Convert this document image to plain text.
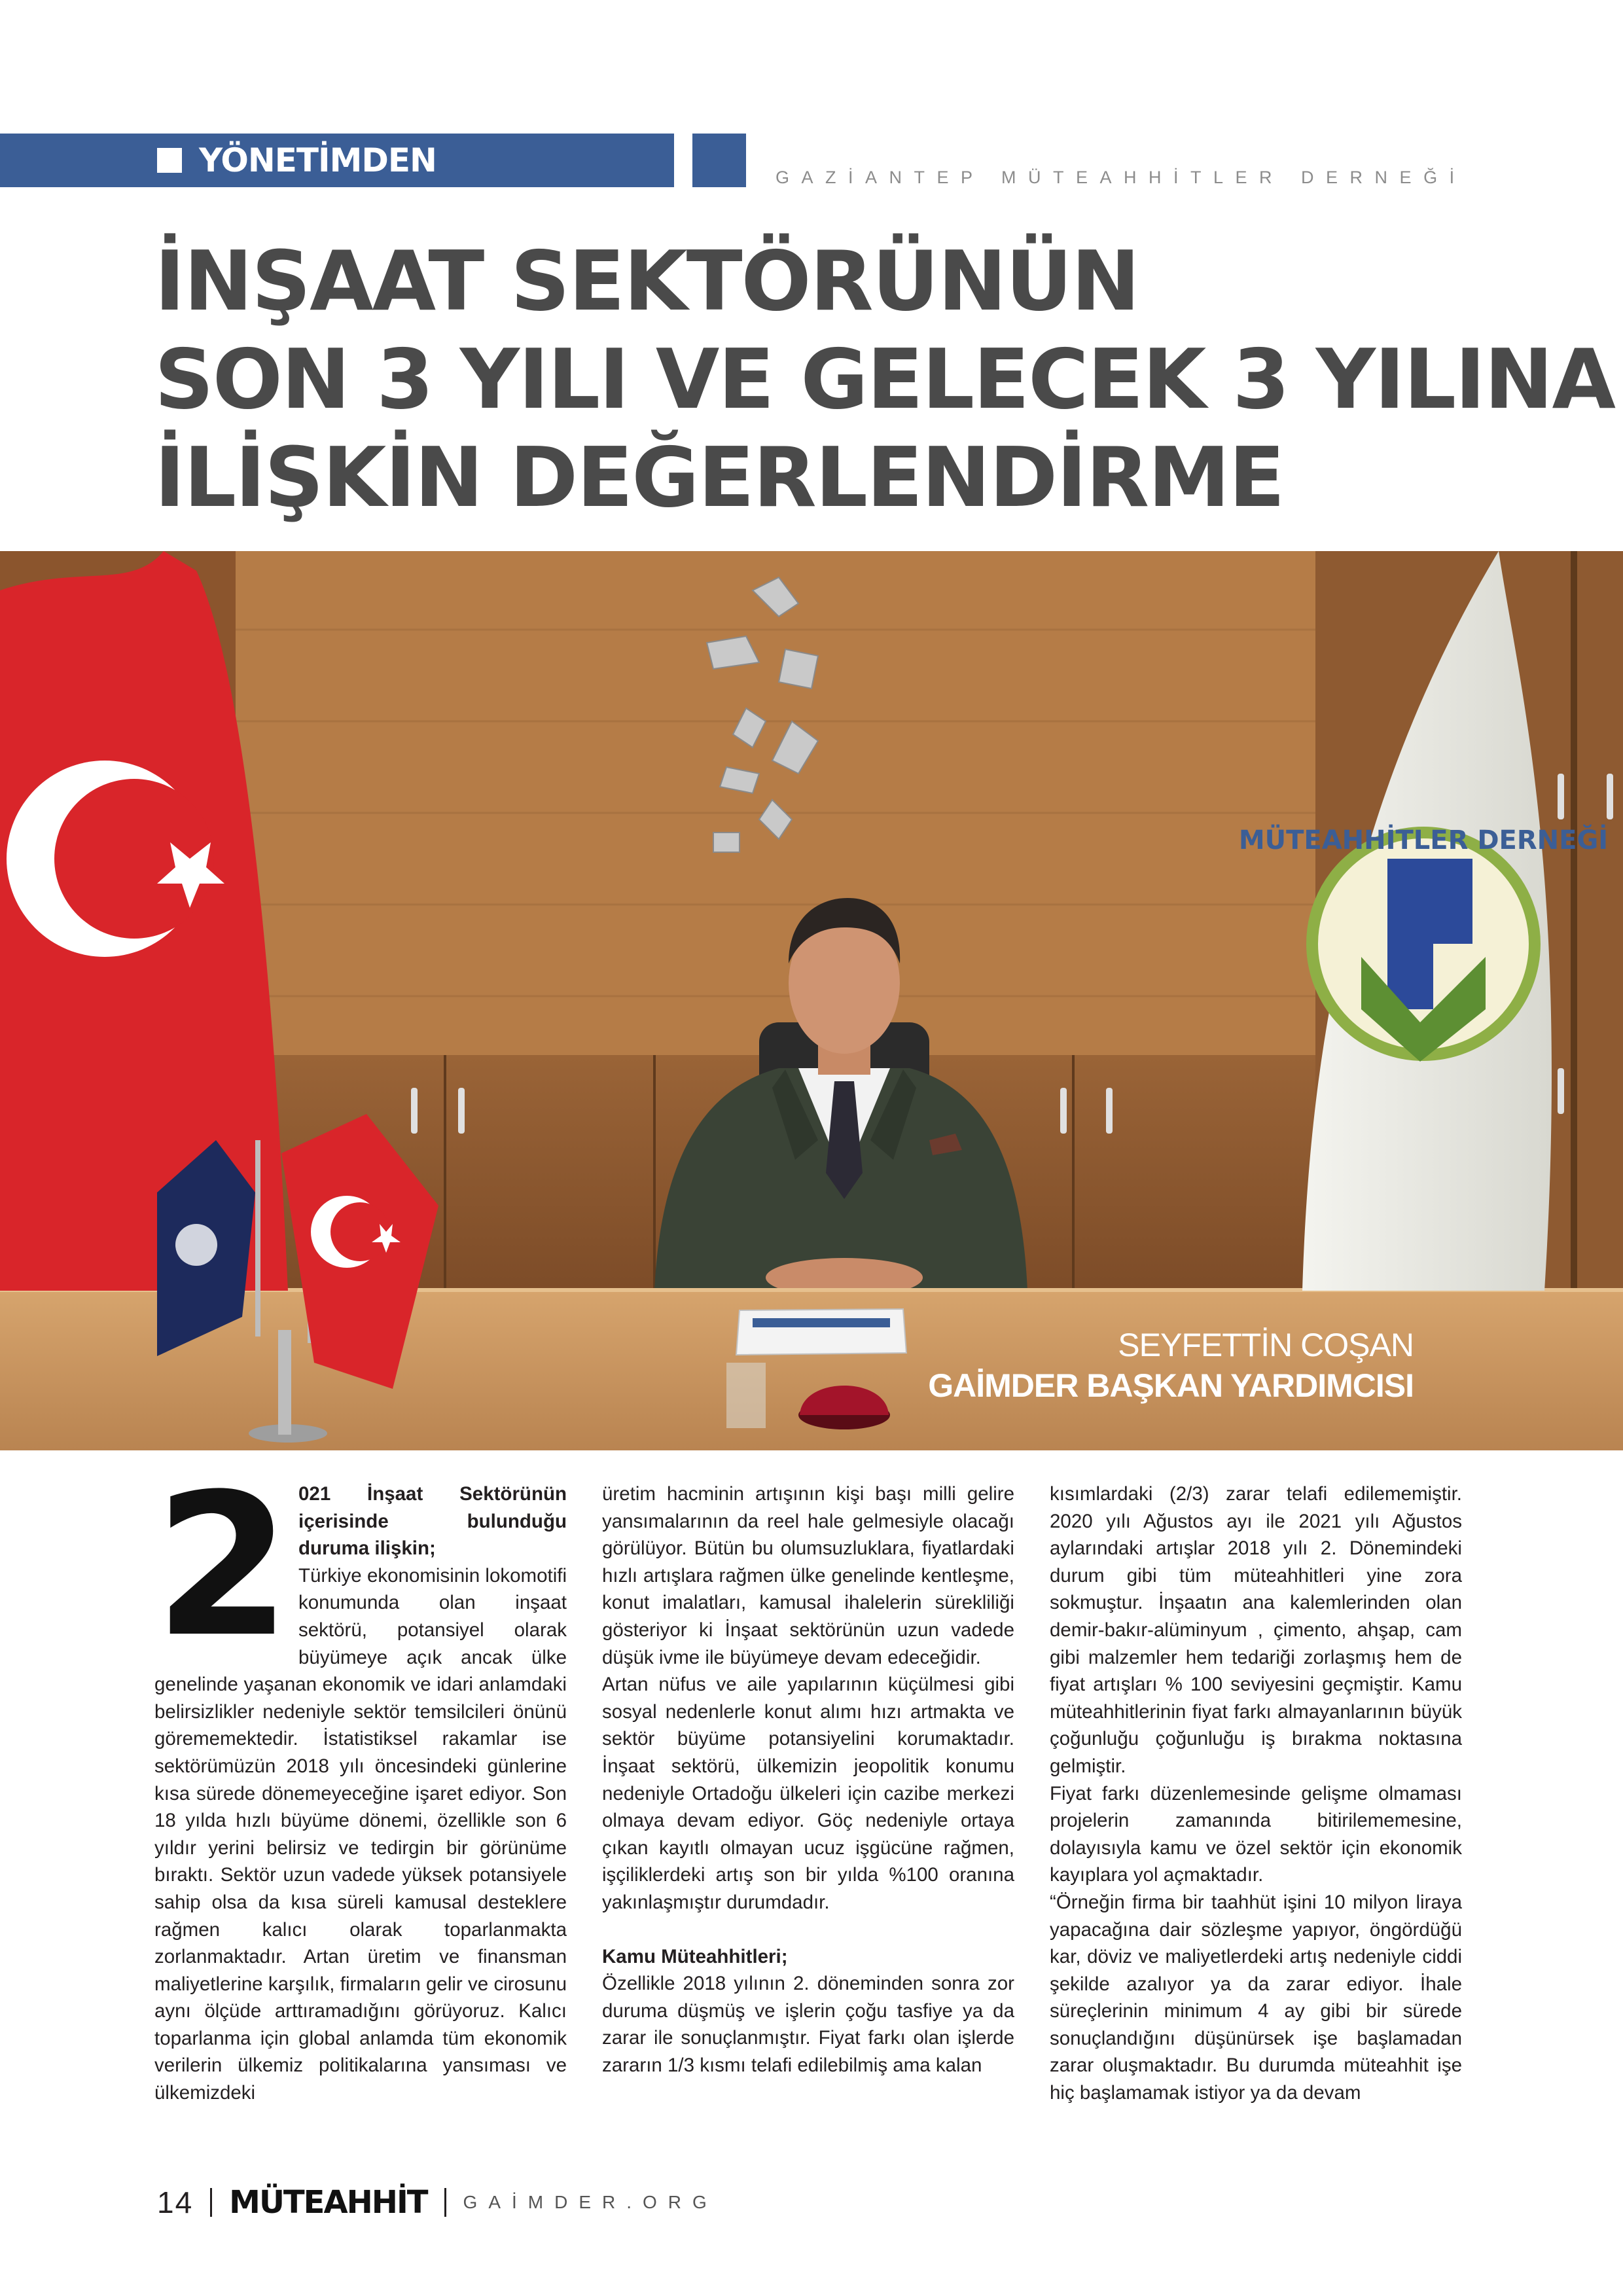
YÖNETİMDEN	GAZİANTEP MÜTEAHHİTLER DERNEĞİ
İNŞAAT SEKTÖRÜNÜN
SON 3 YILI VE GELECEK 3 YILINA
İLİŞKİN DEĞERLENDİRME
MÜTEAHHİTLER DERNEĞİ
SEYFETTİN COŞAN
GAİMDER BAŞKAN YARDIMCISI
2 021 İnşaat Sektörünün içerisinde bulunduğu duruma ilişkin;

Türkiye ekonomisinin lokomotifi konumunda olan inşaat sektörü, potansiyel olarak büyümeye açık ancak ülke genelinde yaşanan ekonomik ve idari anlamdaki belirsizlikler nedeniyle sektör temsilcileri önünü görememektedir. İstatistiksel rakamlar ise sektörümüzün 2018 yılı öncesindeki günlerine kısa sürede dönemeyeceğine işaret ediyor. Son 18 yılda hızlı büyüme dönemi, özellikle son 6 yıldır yerini belirsiz ve tedirgin bir görünüme bıraktı. Sektör uzun vadede yüksek potansiyele sahip olsa da kısa süreli kamusal desteklere rağmen kalıcı olarak toparlanmakta zorlanmaktadır. Artan üretim ve finansman maliyetlerine karşılık, firmaların gelir ve cirosunu aynı ölçüde arttıramadığını görüyoruz. Kalıcı toparlanma için global anlamda tüm ekonomik verilerin ülkemiz politikalarına yansıması ve ülkemizdeki

üretim hacminin artışının kişi başı milli gelire yansımalarının da reel hale gelmesiyle olacağı görülüyor. Bütün bu olumsuzluklara, fiyatlardaki hızlı artışlara rağmen ülke genelinde kentleşme, konut imalatları, kamusal ihalelerin sürekliliği gösteriyor ki İnşaat sektörünün uzun vadede düşük ivme ile büyümeye devam edeceğidir.

Artan nüfus ve aile yapılarının küçülmesi gibi sosyal nedenlerle konut alımı hızı artmakta ve sektör büyüme potansiyelini korumaktadır. İnşaat sektörü, ülkemizin jeopolitik konumu nedeniyle Ortadoğu ülkeleri için cazibe merkezi olmaya devam ediyor. Göç nedeniyle ortaya çıkan kayıtlı olmayan ucuz işgücüne rağmen, işçiliklerdeki artış son bir yılda %100 oranına yakınlaşmıştır durumdadır.

Kamu Müteahhitleri;

Özellikle 2018 yılının 2. döneminden sonra zor duruma düşmüş ve işlerin çoğu tasfiye ya da zarar ile sonuçlanmıştır. Fiyat farkı olan işlerde zararın 1/3 kısmı telafi edilebilmiş ama kalan

kısımlardaki (2/3) zarar telafi edilememiştir. 2020 yılı Ağustos ayı ile 2021 yılı Ağustos aylarındaki artışlar 2018 yılı 2. Dönemindeki durum gibi tüm müteahhitleri yine zora sokmuştur. İnşaatın ana kalemlerinden olan demir-bakır-alüminyum , çimento, ahşap, cam gibi malzemler hem tedariği zorlaşmış hem de fiyat artışları % 100 seviyesini geçmiştir. Kamu müteahhitlerinin fiyat farkı almayanlarının büyük çoğunluğu çoğunluğu iş bırakma noktasına gelmiştir.

Fiyat farkı düzenlemesinde gelişme olmaması projelerin zamanında bitirilememesine, dolayısıyla kamu ve özel sektör için ekonomik kayıplara yol açmaktadır.

“Örneğin firma bir taahhüt işini 10 milyon liraya yapacağına dair sözleşme yapıyor, öngördüğü kar, döviz ve maliyetlerdeki artış nedeniyle ciddi şekilde azalıyor ya da zarar ediyor. İhale süreçlerinin minimum 4 ay gibi bir sürede sonuçlandığını düşünürsek işe başlamadan zarar oluşmaktadır. Bu durumda müteahhit işe hiç başlamamak istiyor ya da devam

14 MÜTEAHHİT GAİMDER.ORG
